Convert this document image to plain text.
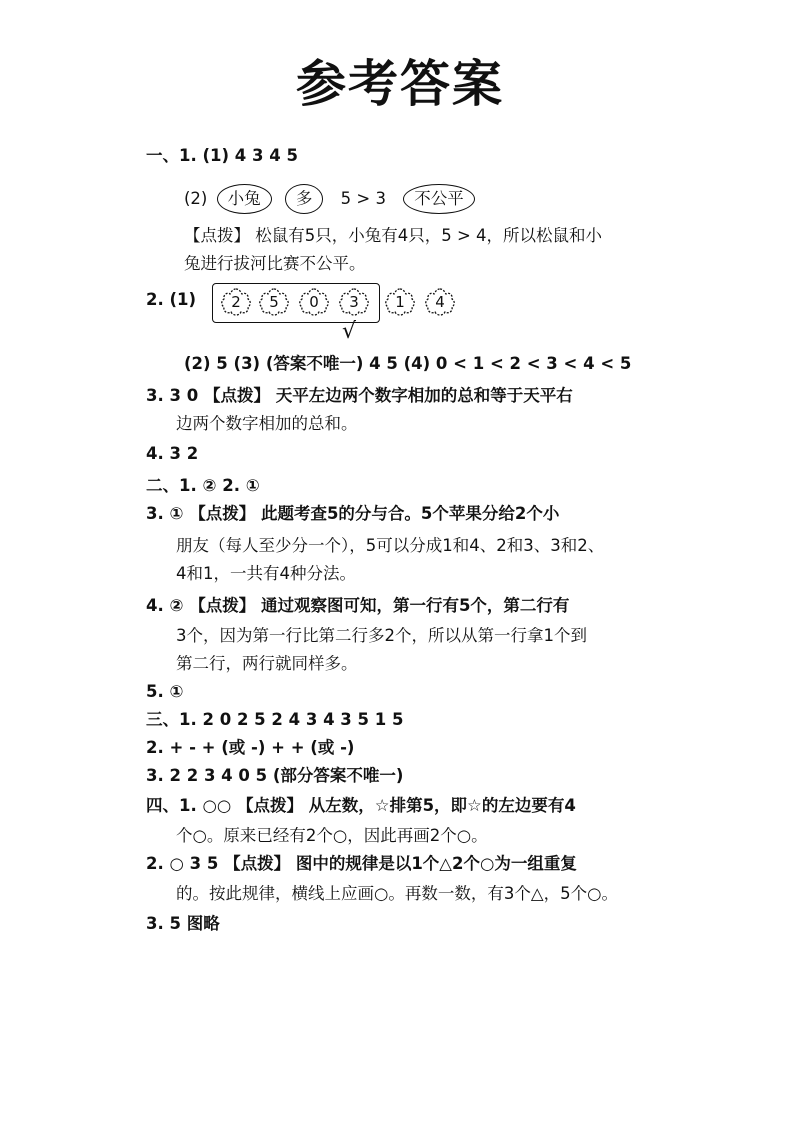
参考答案
一、1. (1) 4 3 4 5
(2) 小兔 多 5 > 3 不公平
【点拨】 松鼠有5只，小兔有4只，5 > 4，所以松鼠和小
兔进行拔河比赛不公平。
2. (1)	2	5	0	3	1	4
√
(2) 5 (3) (答案不唯一) 4 5 (4) 0 < 1 < 2 < 3 < 4 < 5
3. 3 0 【点拨】 天平左边两个数字相加的总和等于天平右
边两个数字相加的总和。
4. 3 2
二、1. ② 2. ①
3. ① 【点拨】 此题考查5的分与合。5个苹果分给2个小
朋友（每人至少分一个），5可以分成1和4、2和3、3和2、
4和1，一共有4种分法。
4. ② 【点拨】 通过观察图可知，第一行有5个，第二行有
3个，因为第一行比第二行多2个，所以从第一行拿1个到
第二行，两行就同样多。
5. ①
三、1. 2 0 2 5 2 4 3 4 3 5 1 5
2. + - + (或 -) + + (或 -)
3. 2 2 3 4 0 5 (部分答案不唯一)
四、1. ○○ 【点拨】 从左数，☆排第5，即☆的左边要有4
个○。原来已经有2个○，因此再画2个○。
2. ○ 3 5 【点拨】 图中的规律是以1个△2个○为一组重复
的。按此规律，横线上应画○。再数一数，有3个△，5个○。
3. 5 图略
